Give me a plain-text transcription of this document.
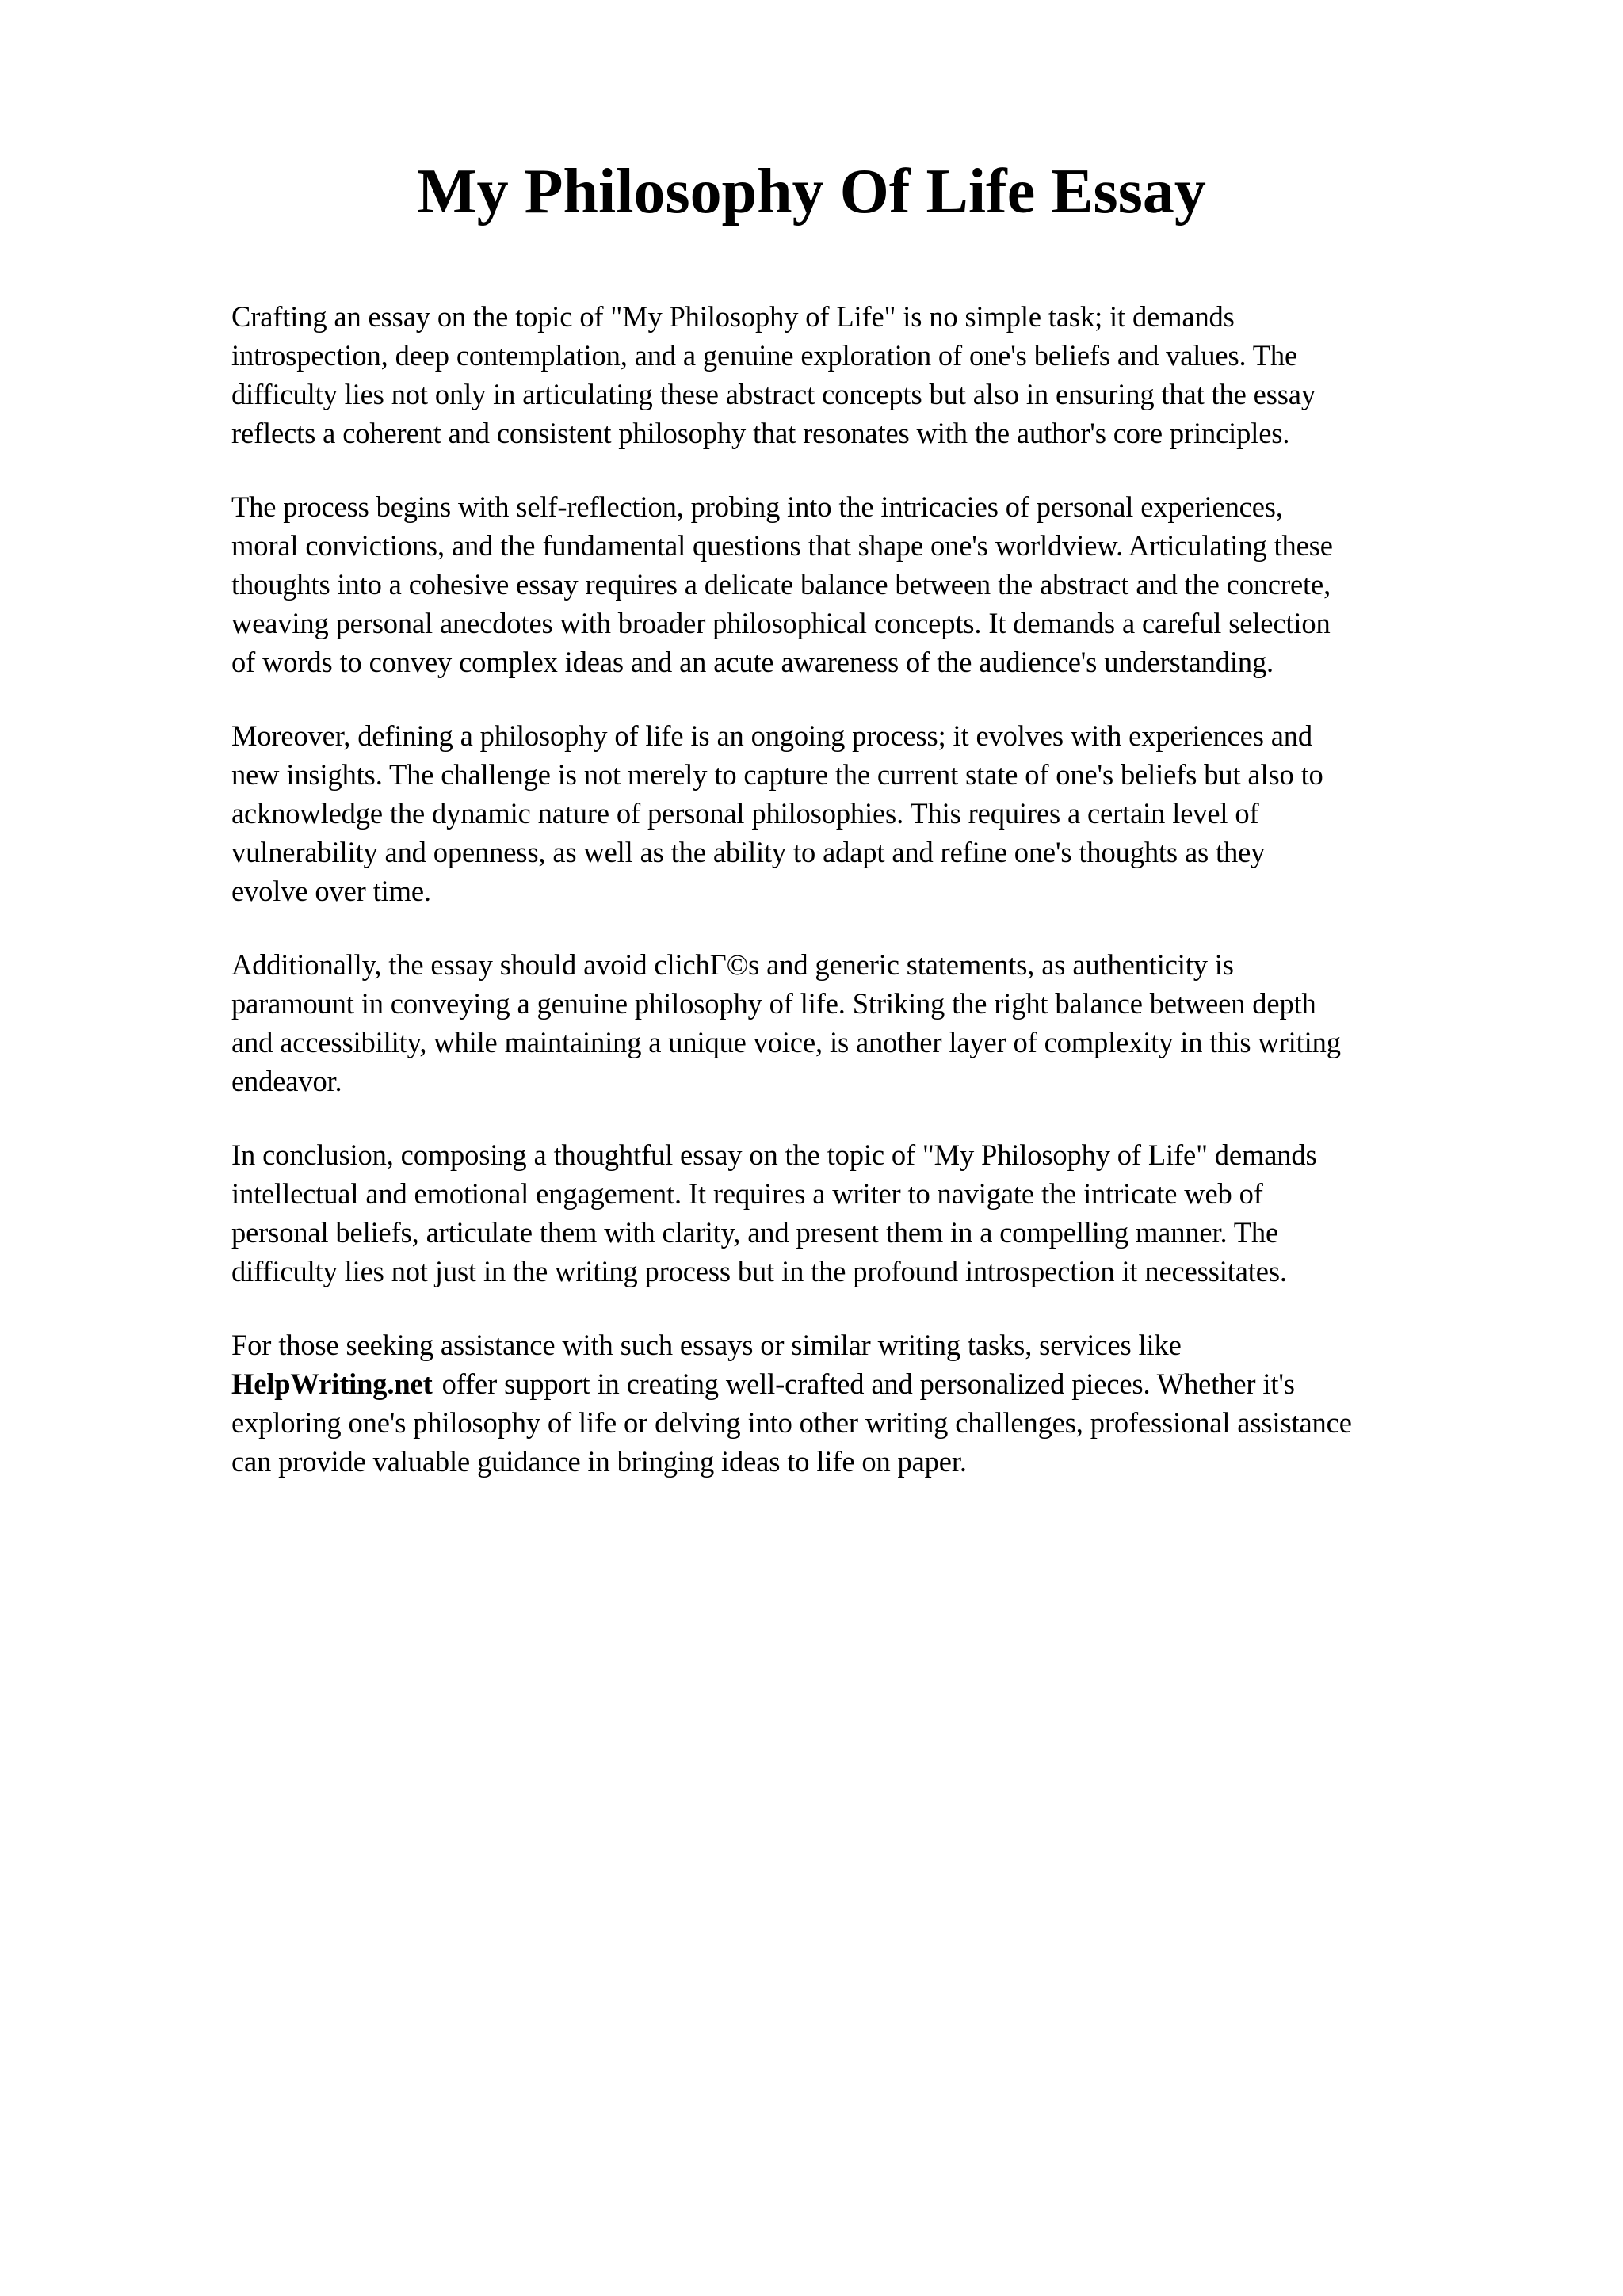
My Philosophy Of Life Essay

Crafting an essay on the topic of "My Philosophy of Life" is no simple task; it demands
introspection, deep contemplation, and a genuine exploration of one's beliefs and values. The
difficulty lies not only in articulating these abstract concepts but also in ensuring that the essay
reflects a coherent and consistent philosophy that resonates with the author's core principles.

The process begins with self-reflection, probing into the intricacies of personal experiences,
moral convictions, and the fundamental questions that shape one's worldview. Articulating these
thoughts into a cohesive essay requires a delicate balance between the abstract and the concrete,
weaving personal anecdotes with broader philosophical concepts. It demands a careful selection
of words to convey complex ideas and an acute awareness of the audience's understanding.

Moreover, defining a philosophy of life is an ongoing process; it evolves with experiences and
new insights. The challenge is not merely to capture the current state of one's beliefs but also to
acknowledge the dynamic nature of personal philosophies. This requires a certain level of
vulnerability and openness, as well as the ability to adapt and refine one's thoughts as they
evolve over time.

Additionally, the essay should avoid clichГ©s and generic statements, as authenticity is
paramount in conveying a genuine philosophy of life. Striking the right balance between depth
and accessibility, while maintaining a unique voice, is another layer of complexity in this writing
endeavor.

In conclusion, composing a thoughtful essay on the topic of "My Philosophy of Life" demands
intellectual and emotional engagement. It requires a writer to navigate the intricate web of
personal beliefs, articulate them with clarity, and present them in a compelling manner. The
difficulty lies not just in the writing process but in the profound introspection it necessitates.

For those seeking assistance with such essays or similar writing tasks, services like
HelpWriting.net offer support in creating well-crafted and personalized pieces. Whether it's
exploring one's philosophy of life or delving into other writing challenges, professional assistance
can provide valuable guidance in bringing ideas to life on paper.
